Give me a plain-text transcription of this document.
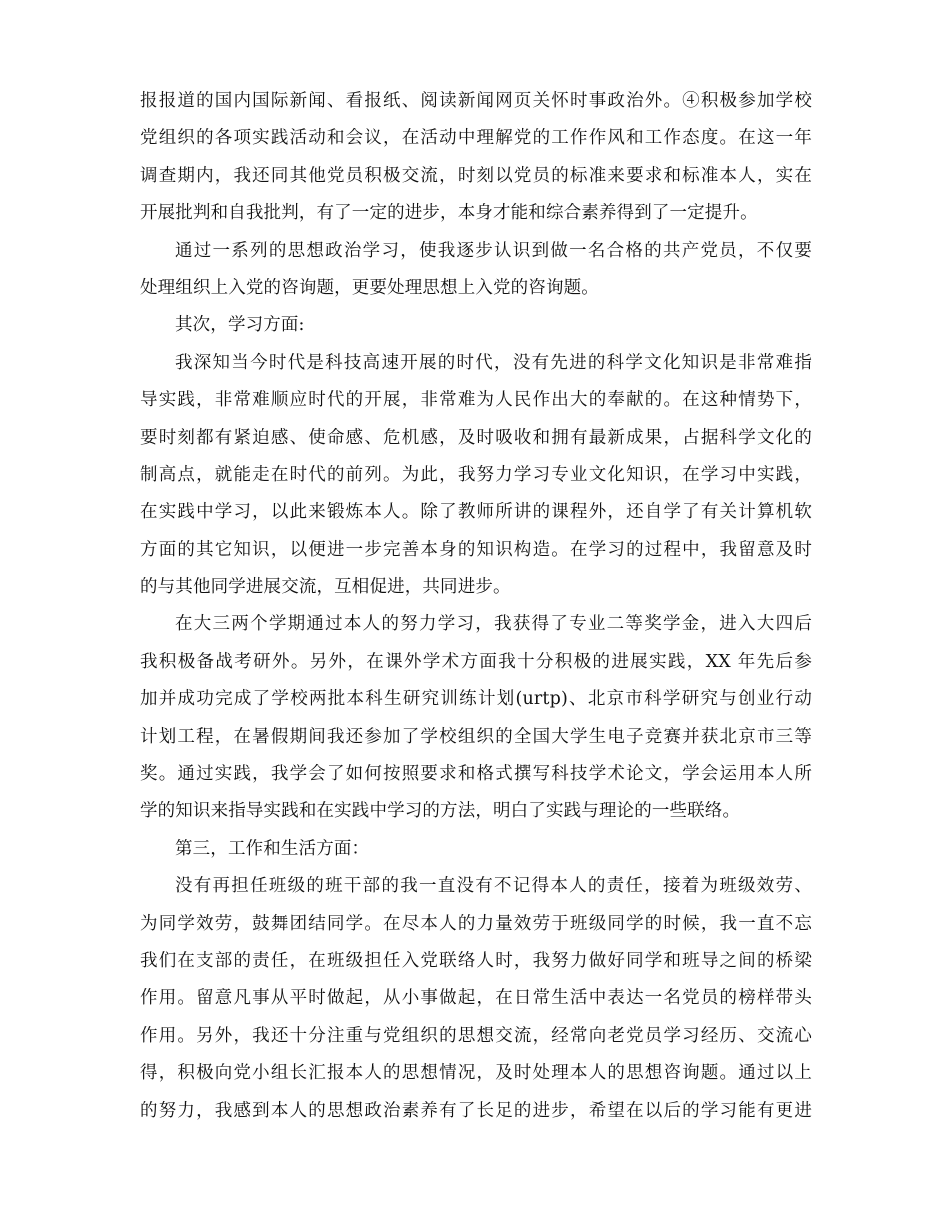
报报道的国内国际新闻、看报纸、阅读新闻网页关怀时事政治外。④积极参加学校
党组织的各项实践活动和会议，在活动中理解党的工作作风和工作态度。在这一年
调查期内，我还同其他党员积极交流，时刻以党员的标准来要求和标准本人，实在
开展批判和自我批判，有了一定的进步，本身才能和综合素养得到了一定提升。
通过一系列的思想政治学习，使我逐步认识到做一名合格的共产党员，不仅要
处理组织上入党的咨询题，更要处理思想上入党的咨询题。
其次，学习方面:
我深知当今时代是科技高速开展的时代，没有先进的科学文化知识是非常难指
导实践，非常难顺应时代的开展，非常难为人民作出大的奉献的。在这种情势下，
要时刻都有紧迫感、使命感、危机感，及时吸收和拥有最新成果，占据科学文化的
制高点，就能走在时代的前列。为此，我努力学习专业文化知识，在学习中实践，
在实践中学习，以此来锻炼本人。除了教师所讲的课程外，还自学了有关计算机软
方面的其它知识，以便进一步完善本身的知识构造。在学习的过程中，我留意及时
的与其他同学进展交流，互相促进，共同进步。
在大三两个学期通过本人的努力学习，我获得了专业二等奖学金，进入大四后
我积极备战考研外。另外，在课外学术方面我十分积极的进展实践，XX 年先后参
加并成功完成了学校两批本科生研究训练计划(urtp)、北京市科学研究与创业行动
计划工程，在暑假期间我还参加了学校组织的全国大学生电子竞赛并获北京市三等
奖。通过实践，我学会了如何按照要求和格式撰写科技学术论文，学会运用本人所
学的知识来指导实践和在实践中学习的方法，明白了实践与理论的一些联络。
第三，工作和生活方面：
没有再担任班级的班干部的我一直没有不记得本人的责任，接着为班级效劳、
为同学效劳，鼓舞团结同学。在尽本人的力量效劳于班级同学的时候，我一直不忘
我们在支部的责任，在班级担任入党联络人时，我努力做好同学和班导之间的桥梁
作用。留意凡事从平时做起，从小事做起，在日常生活中表达一名党员的榜样带头
作用。另外，我还十分注重与党组织的思想交流，经常向老党员学习经历、交流心
得，积极向党小组长汇报本人的思想情况，及时处理本人的思想咨询题。通过以上
的努力，我感到本人的思想政治素养有了长足的进步，希望在以后的学习能有更进
